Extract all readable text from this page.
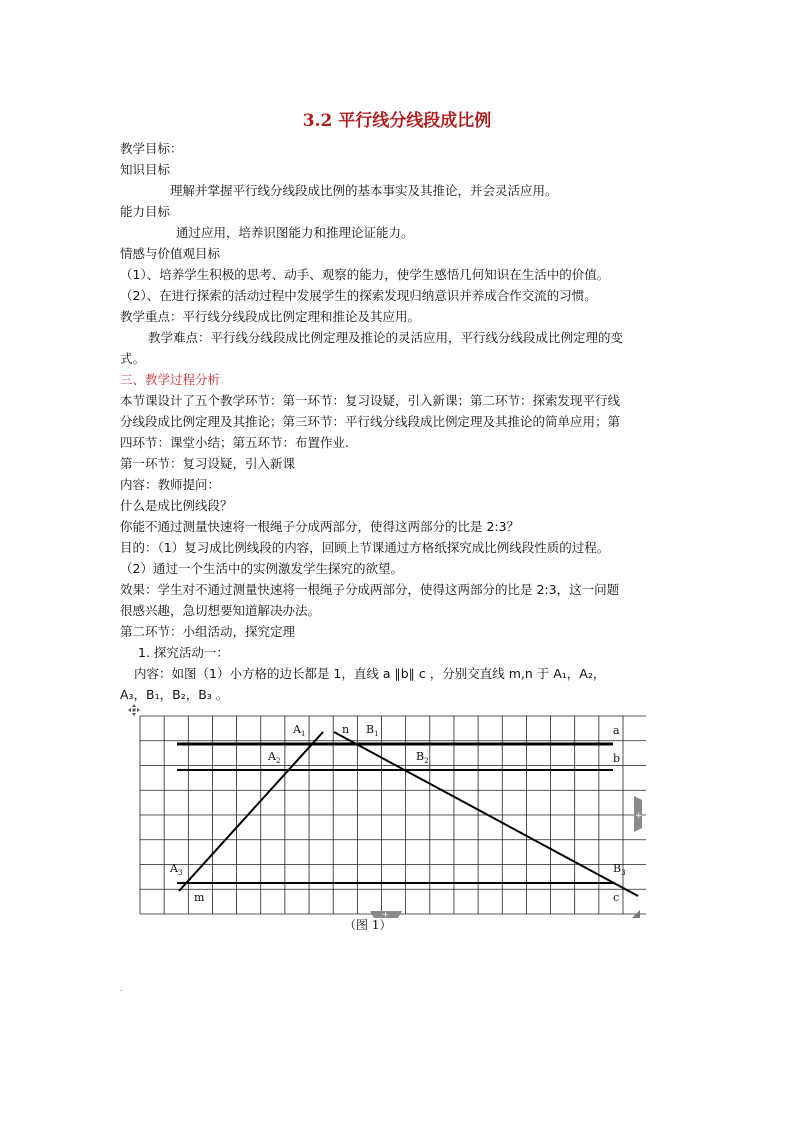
3.2 平行线分线段成比例
教学目标：
知识目标
理解并掌握平行线分线段成比例的基本事实及其推论，并会灵活应用。
能力目标
通过应用，培养识图能力和推理论证能力。
情感与价值观目标
（1）、培养学生积极的思考、动手、观察的能力，使学生感悟几何知识在生活中的价值。
（2）、在进行探索的活动过程中发展学生的探索发现归纳意识并养成合作交流的习惯。
教学重点：平行线分线段成比例定理和推论及其应用。
教学难点：平行线分线段成比例定理及推论的灵活应用，平行线分线段成比例定理的变
式。
三、教学过程分析
本节课设计了五个教学环节：第一环节：复习设疑，引入新课；第二环节：探索发现平行线
分线段成比例定理及其推论；第三环节：平行线分线段成比例定理及其推论的简单应用；第
四环节：课堂小结；第五环节：布置作业.
第一环节：复习设疑，引入新课
内容：教师提问：
什么是成比例线段？
你能不通过测量快速将一根绳子分成两部分，使得这两部分的比是 2:3？
目的：（1）复习成比例线段的内容，回顾上节课通过方格纸探究成比例线段性质的过程。
（2）通过一个生活中的实例激发学生探究的欲望。
效果：学生对不通过测量快速将一根绳子分成两部分，使得这两部分的比是 2:3，这一问题
很感兴趣，急切想要知道解决办法。
第二环节：小组活动，探究定理
1. 探究活动一：
内容：如图（1）小方格的边长都是 1，直线 a ∥b∥ c ，分别交直线 m,n 于 A₁，A₂，
A₃，B₁，B₂，B₃ 。
$A_1$
$A_2$
$A_3$
$B_1$
$B_2$
$B_3$
a
b
c
m
n
+
+
（图 1）
.
